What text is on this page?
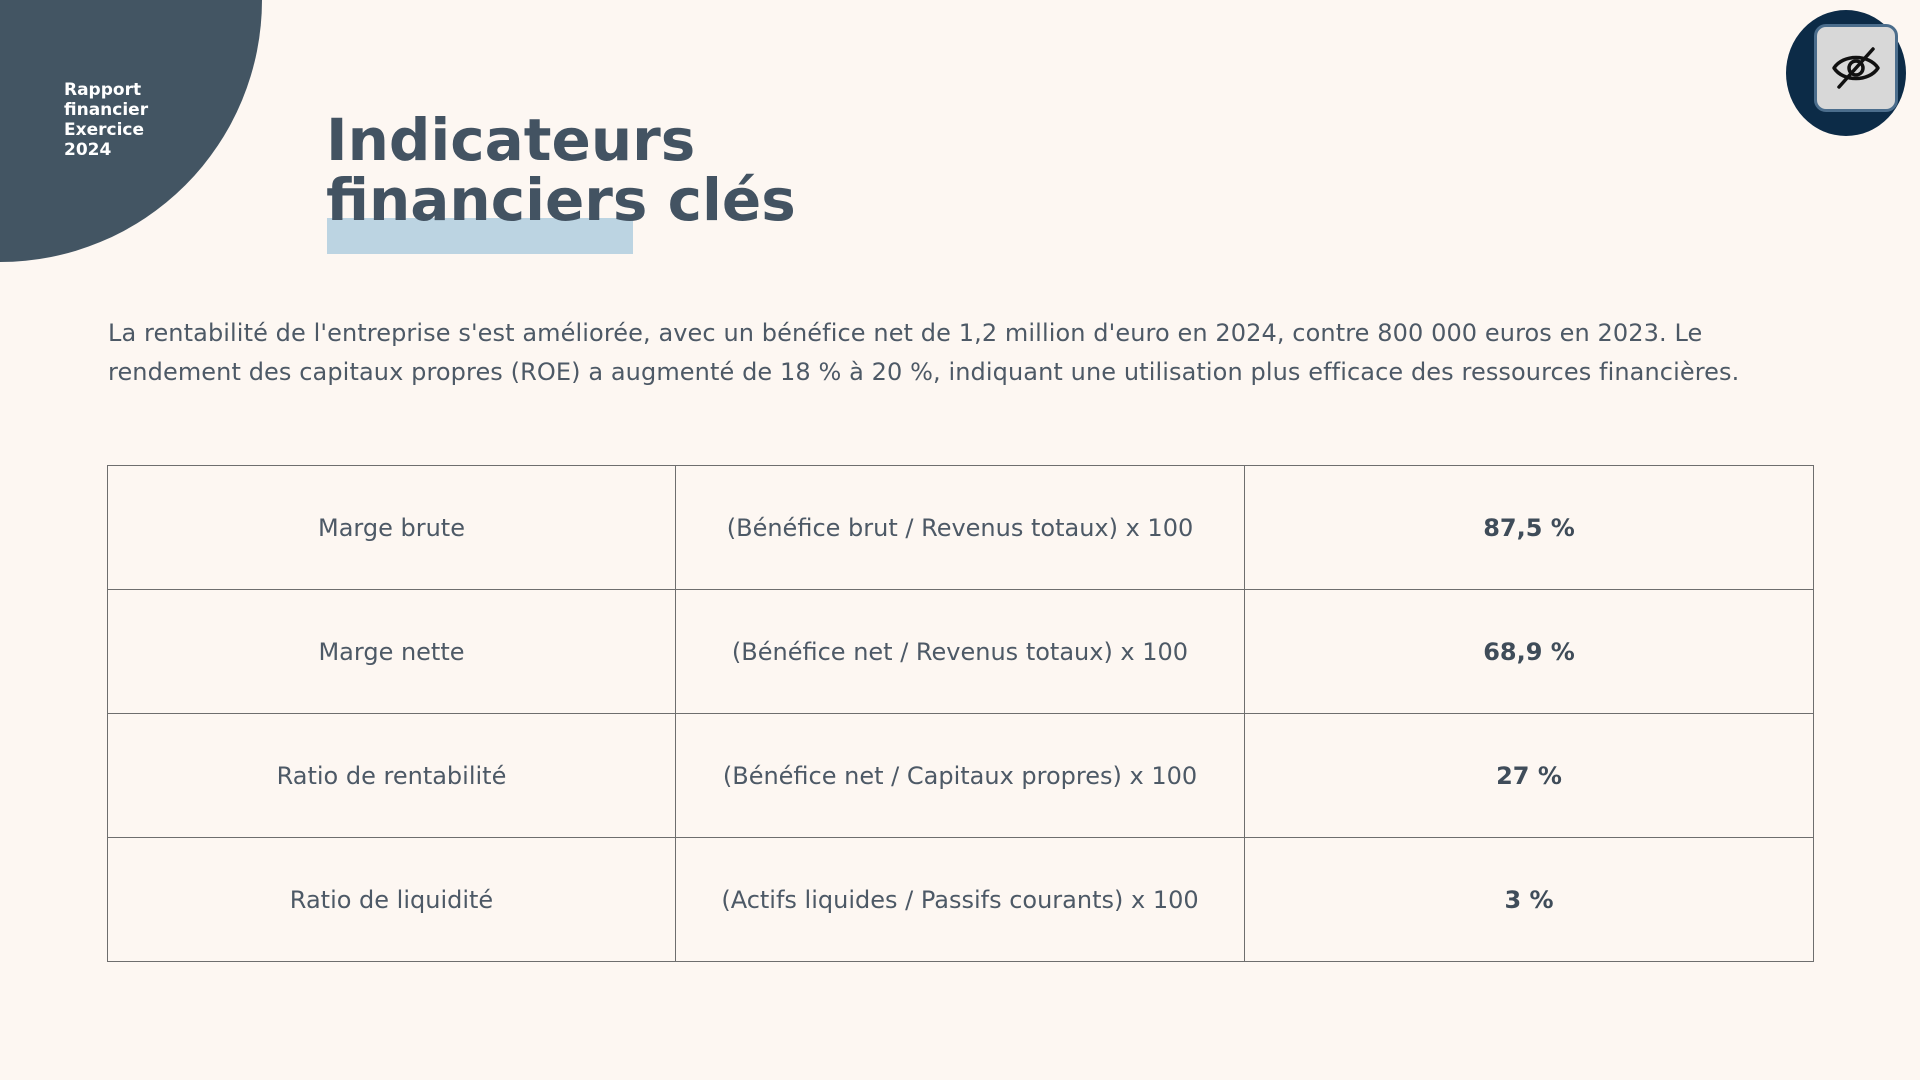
Rapport
financier
Exercice
2024	Indicateurs
financiers clés

La rentabilité de l'entreprise s'est améliorée, avec un bénéfice net de 1,2 million d'euro en 2024, contre 800 000 euros en 2023. Le rendement des capitaux propres (ROE) a augmenté de 18 % à 20 %, indiquant une utilisation plus efficace des ressources financières.

Marge brute	(Bénéfice brut / Revenus totaux) x 100	87,5 %
Marge nette	(Bénéfice net / Revenus totaux) x 100	68,9 %
Ratio de rentabilité	(Bénéfice net / Capitaux propres) x 100	27 %
Ratio de liquidité	(Actifs liquides / Passifs courants) x 100	3 %
